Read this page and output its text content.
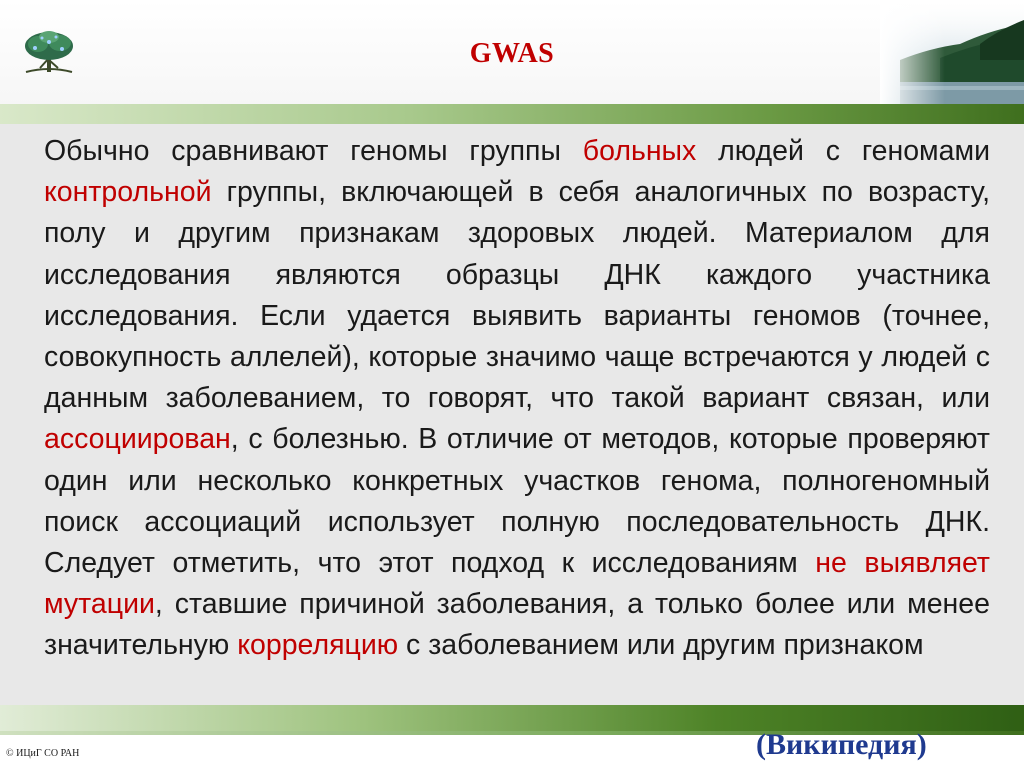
GWAS

Обычно сравнивают геномы группы больных людей с геномами контрольной группы, включающей в себя аналогичных по возрасту, полу и другим признакам здоровых людей. Материалом для исследования являются образцы ДНК каждого участника исследования. Если удается выявить варианты геномов (точнее, совокупность аллелей), которые значимо чаще встречаются у людей с данным заболеванием, то говорят, что такой вариант связан, или ассоциирован, с болезнью. В отличие от методов, которые проверяют один или несколько конкретных участков генома, полногеномный поиск ассоциаций использует полную последовательность ДНК. Следует отметить, что этот подход к исследованиям не выявляет мутации, ставшие причиной заболевания, а только более или менее значительную корреляцию с заболеванием или другим признаком

© ИЦиГ СО РАН	(Википедия)
